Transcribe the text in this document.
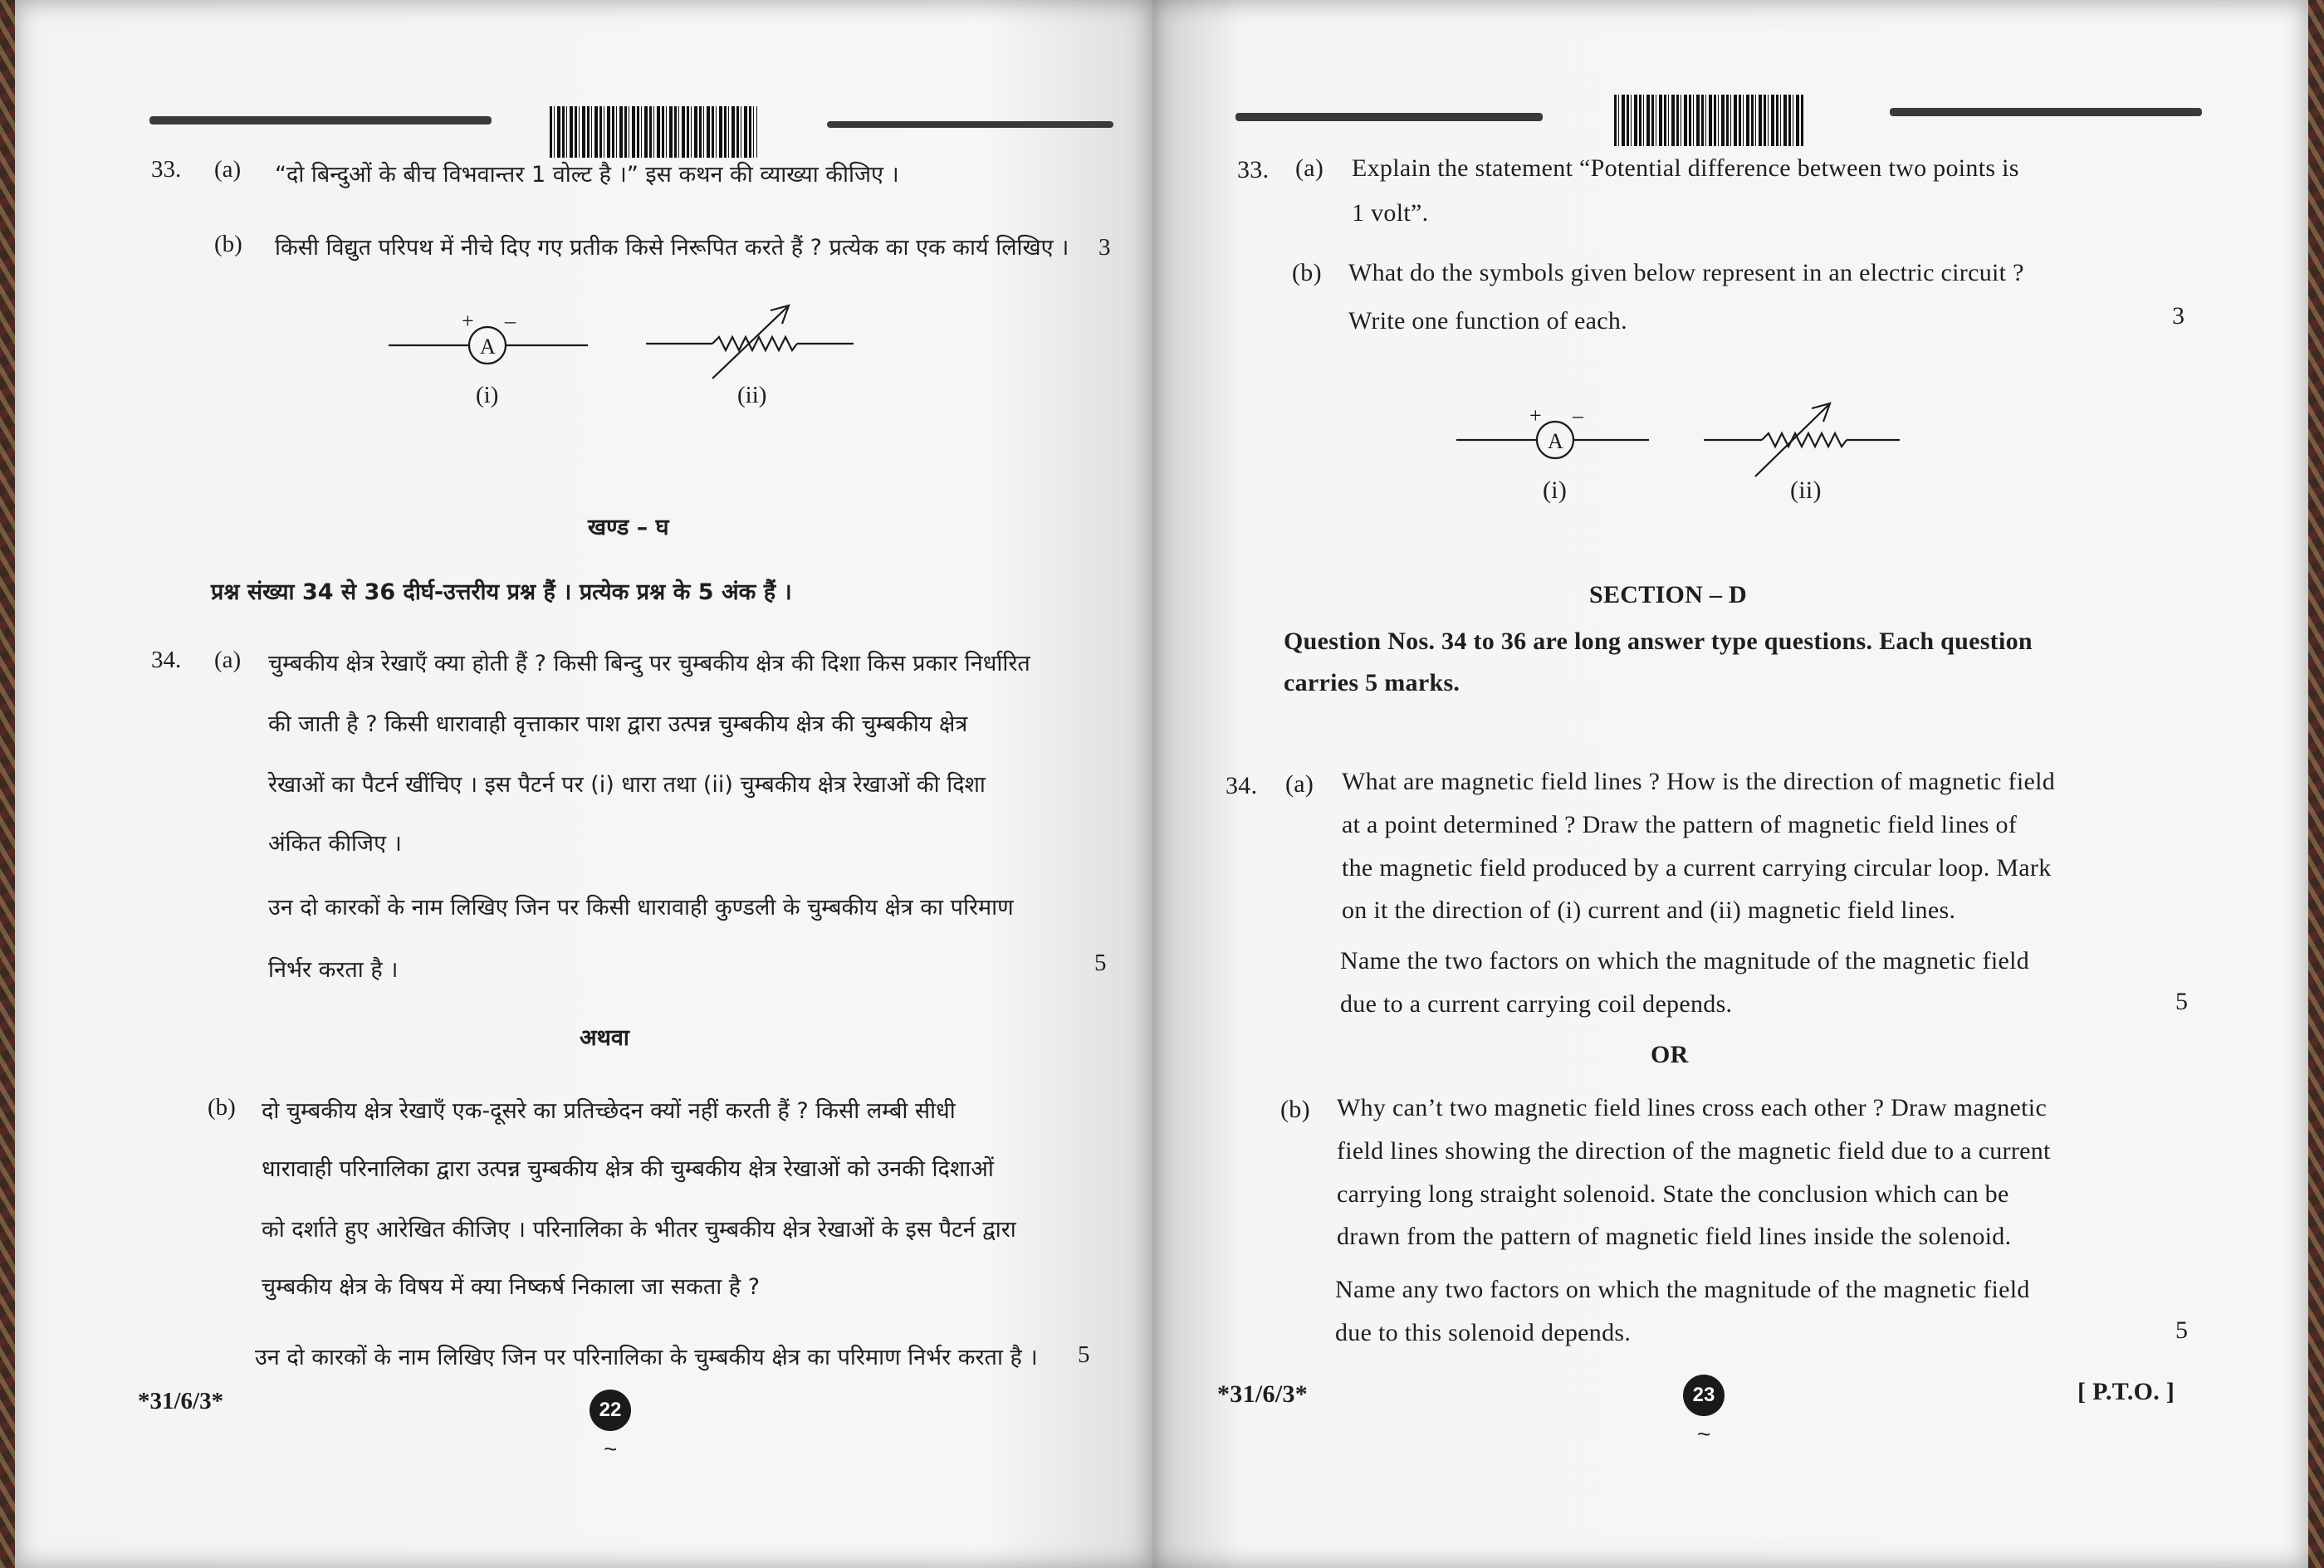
33. (a) “दो बिन्दुओं के बीच विभवान्तर 1 वोल्ट है ।” इस कथन की व्याख्या कीजिए ।
(b) किसी विद्युत परिपथ में नीचे दिए गए प्रतीक किसे निरूपित करते हैं ? प्रत्येक का एक कार्य लिखिए । 3
A
+ –
(i)	(ii)
खण्ड – घ
प्रश्न संख्या 34 से 36 दीर्घ-उत्तरीय प्रश्न हैं । प्रत्येक प्रश्न के 5 अंक हैं ।
34. (a) चुम्बकीय क्षेत्र रेखाएँ क्या होती हैं ? किसी बिन्दु पर चुम्बकीय क्षेत्र की दिशा किस प्रकार निर्धारित
की जाती है ? किसी धारावाही वृत्ताकार पाश द्वारा उत्पन्न चुम्बकीय क्षेत्र की चुम्बकीय क्षेत्र
रेखाओं का पैटर्न खींचिए । इस पैटर्न पर (i) धारा तथा (ii) चुम्बकीय क्षेत्र रेखाओं की दिशा
अंकित कीजिए ।
उन दो कारकों के नाम लिखिए जिन पर किसी धारावाही कुण्डली के चुम्बकीय क्षेत्र का परिमाण
निर्भर करता है ।	5
अथवा
(b) दो चुम्बकीय क्षेत्र रेखाएँ एक-दूसरे का प्रतिच्छेदन क्यों नहीं करती हैं ? किसी लम्बी सीधी
धारावाही परिनालिका द्वारा उत्पन्न चुम्बकीय क्षेत्र की चुम्बकीय क्षेत्र रेखाओं को उनकी दिशाओं
को दर्शाते हुए आरेखित कीजिए । परिनालिका के भीतर चुम्बकीय क्षेत्र रेखाओं के इस पैटर्न द्वारा
चुम्बकीय क्षेत्र के विषय में क्या निष्कर्ष निकाला जा सकता है ?
उन दो कारकों के नाम लिखिए जिन पर परिनालिका के चुम्बकीय क्षेत्र का परिमाण निर्भर करता है । 5
*31/6/3*	22
~
33. (a) Explain the statement “Potential difference between two points is
1 volt”.
(b) What do the symbols given below represent in an electric circuit ?
Write one function of each.	3
A
+ –
(i)	(ii)
SECTION – D
Question Nos. 34 to 36 are long answer type questions. Each question
carries 5 marks.
34. (a) What are magnetic field lines ? How is the direction of magnetic field
at a point determined ? Draw the pattern of magnetic field lines of
the magnetic field produced by a current carrying circular loop. Mark
on it the direction of (i) current and (ii) magnetic field lines.
Name the two factors on which the magnitude of the magnetic field
due to a current carrying coil depends.	5
OR
(b) Why can’t two magnetic field lines cross each other ? Draw magnetic
field lines showing the direction of the magnetic field due to a current
carrying long straight solenoid. State the conclusion which can be
drawn from the pattern of magnetic field lines inside the solenoid.
Name any two factors on which the magnitude of the magnetic field
due to this solenoid depends.	5
*31/6/3*	23
~
[ P.T.O. ]
